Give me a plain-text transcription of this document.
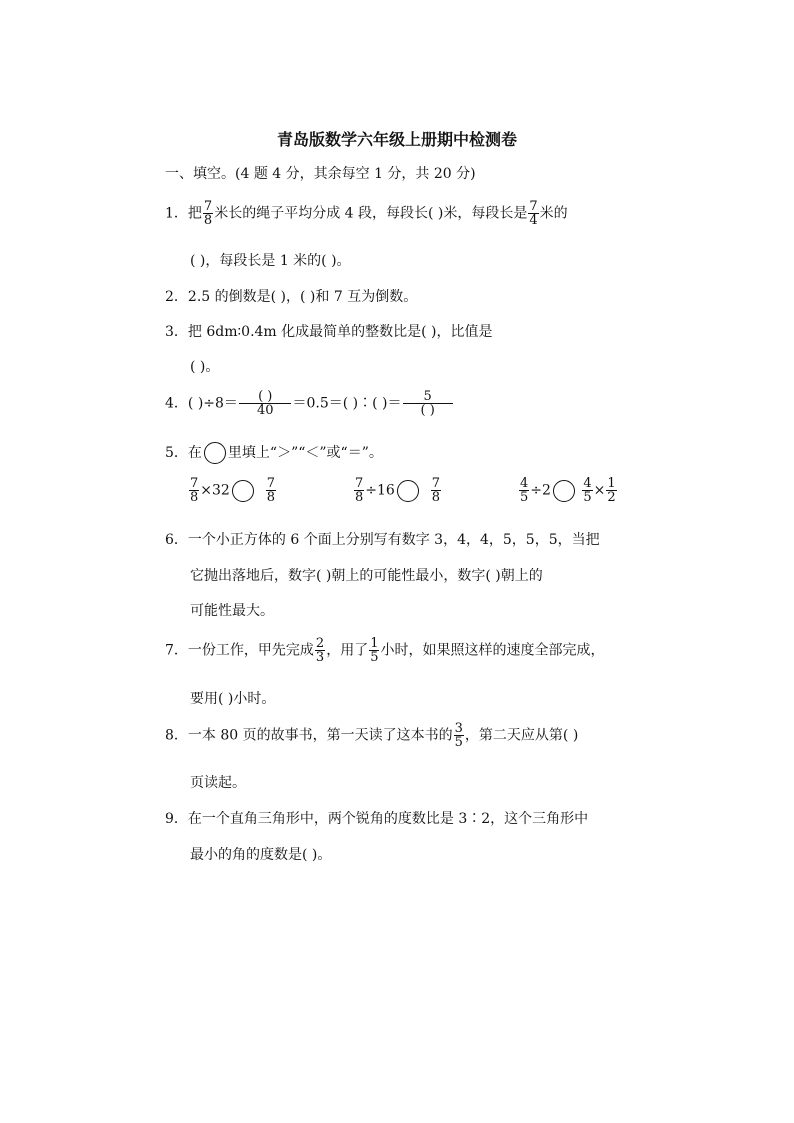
青岛版数学六年级上册期中检测卷
一、填空。(4 题 4 分，其余每空 1 分，共 20 分)
1．把 $\frac{7}{8}$ 米长的绳子平均分成 4 段，每段长( )米，每段长是 $\frac{7}{4}$ 米的
( )，每段长是 1 米的( )。
2．2.5 的倒数是( )，( )和 7 互为倒数。
3．把 6dm∶0.4m 化成最简单的整数比是( )，比值是
( )。
4．( )$\div 8= \frac{( )}{40} =0.5=$( )∶( )＝ $\frac{5}{( )}$
5．在 里填上“＞”“＜”或“＝”。
$\frac{7}{8} \times 32$	$\frac{7}{8}$	$\frac{7}{8} \div 16$	$\frac{7}{8}$	$\frac{4}{5} \div 2 \frac{4}{5} \times \frac{1}{2}$
6．一个小正方体的 6 个面上分别写有数字 3，4，4，5，5，5，当把
它抛出落地后，数字( )朝上的可能性最小，数字( )朝上的
可能性最大。
7．一份工作，甲先完成 $\frac{2}{3}$ ，用了 $\frac{1}{5}$ 小时，如果照这样的速度全部完成，
要用( )小时。
8．一本 80 页的故事书，第一天读了这本书的 $\frac{3}{5}$ ，第二天应从第( )
页读起。
9．在一个直角三角形中，两个锐角的度数比是 3∶2，这个三角形中
最小的角的度数是( )。
